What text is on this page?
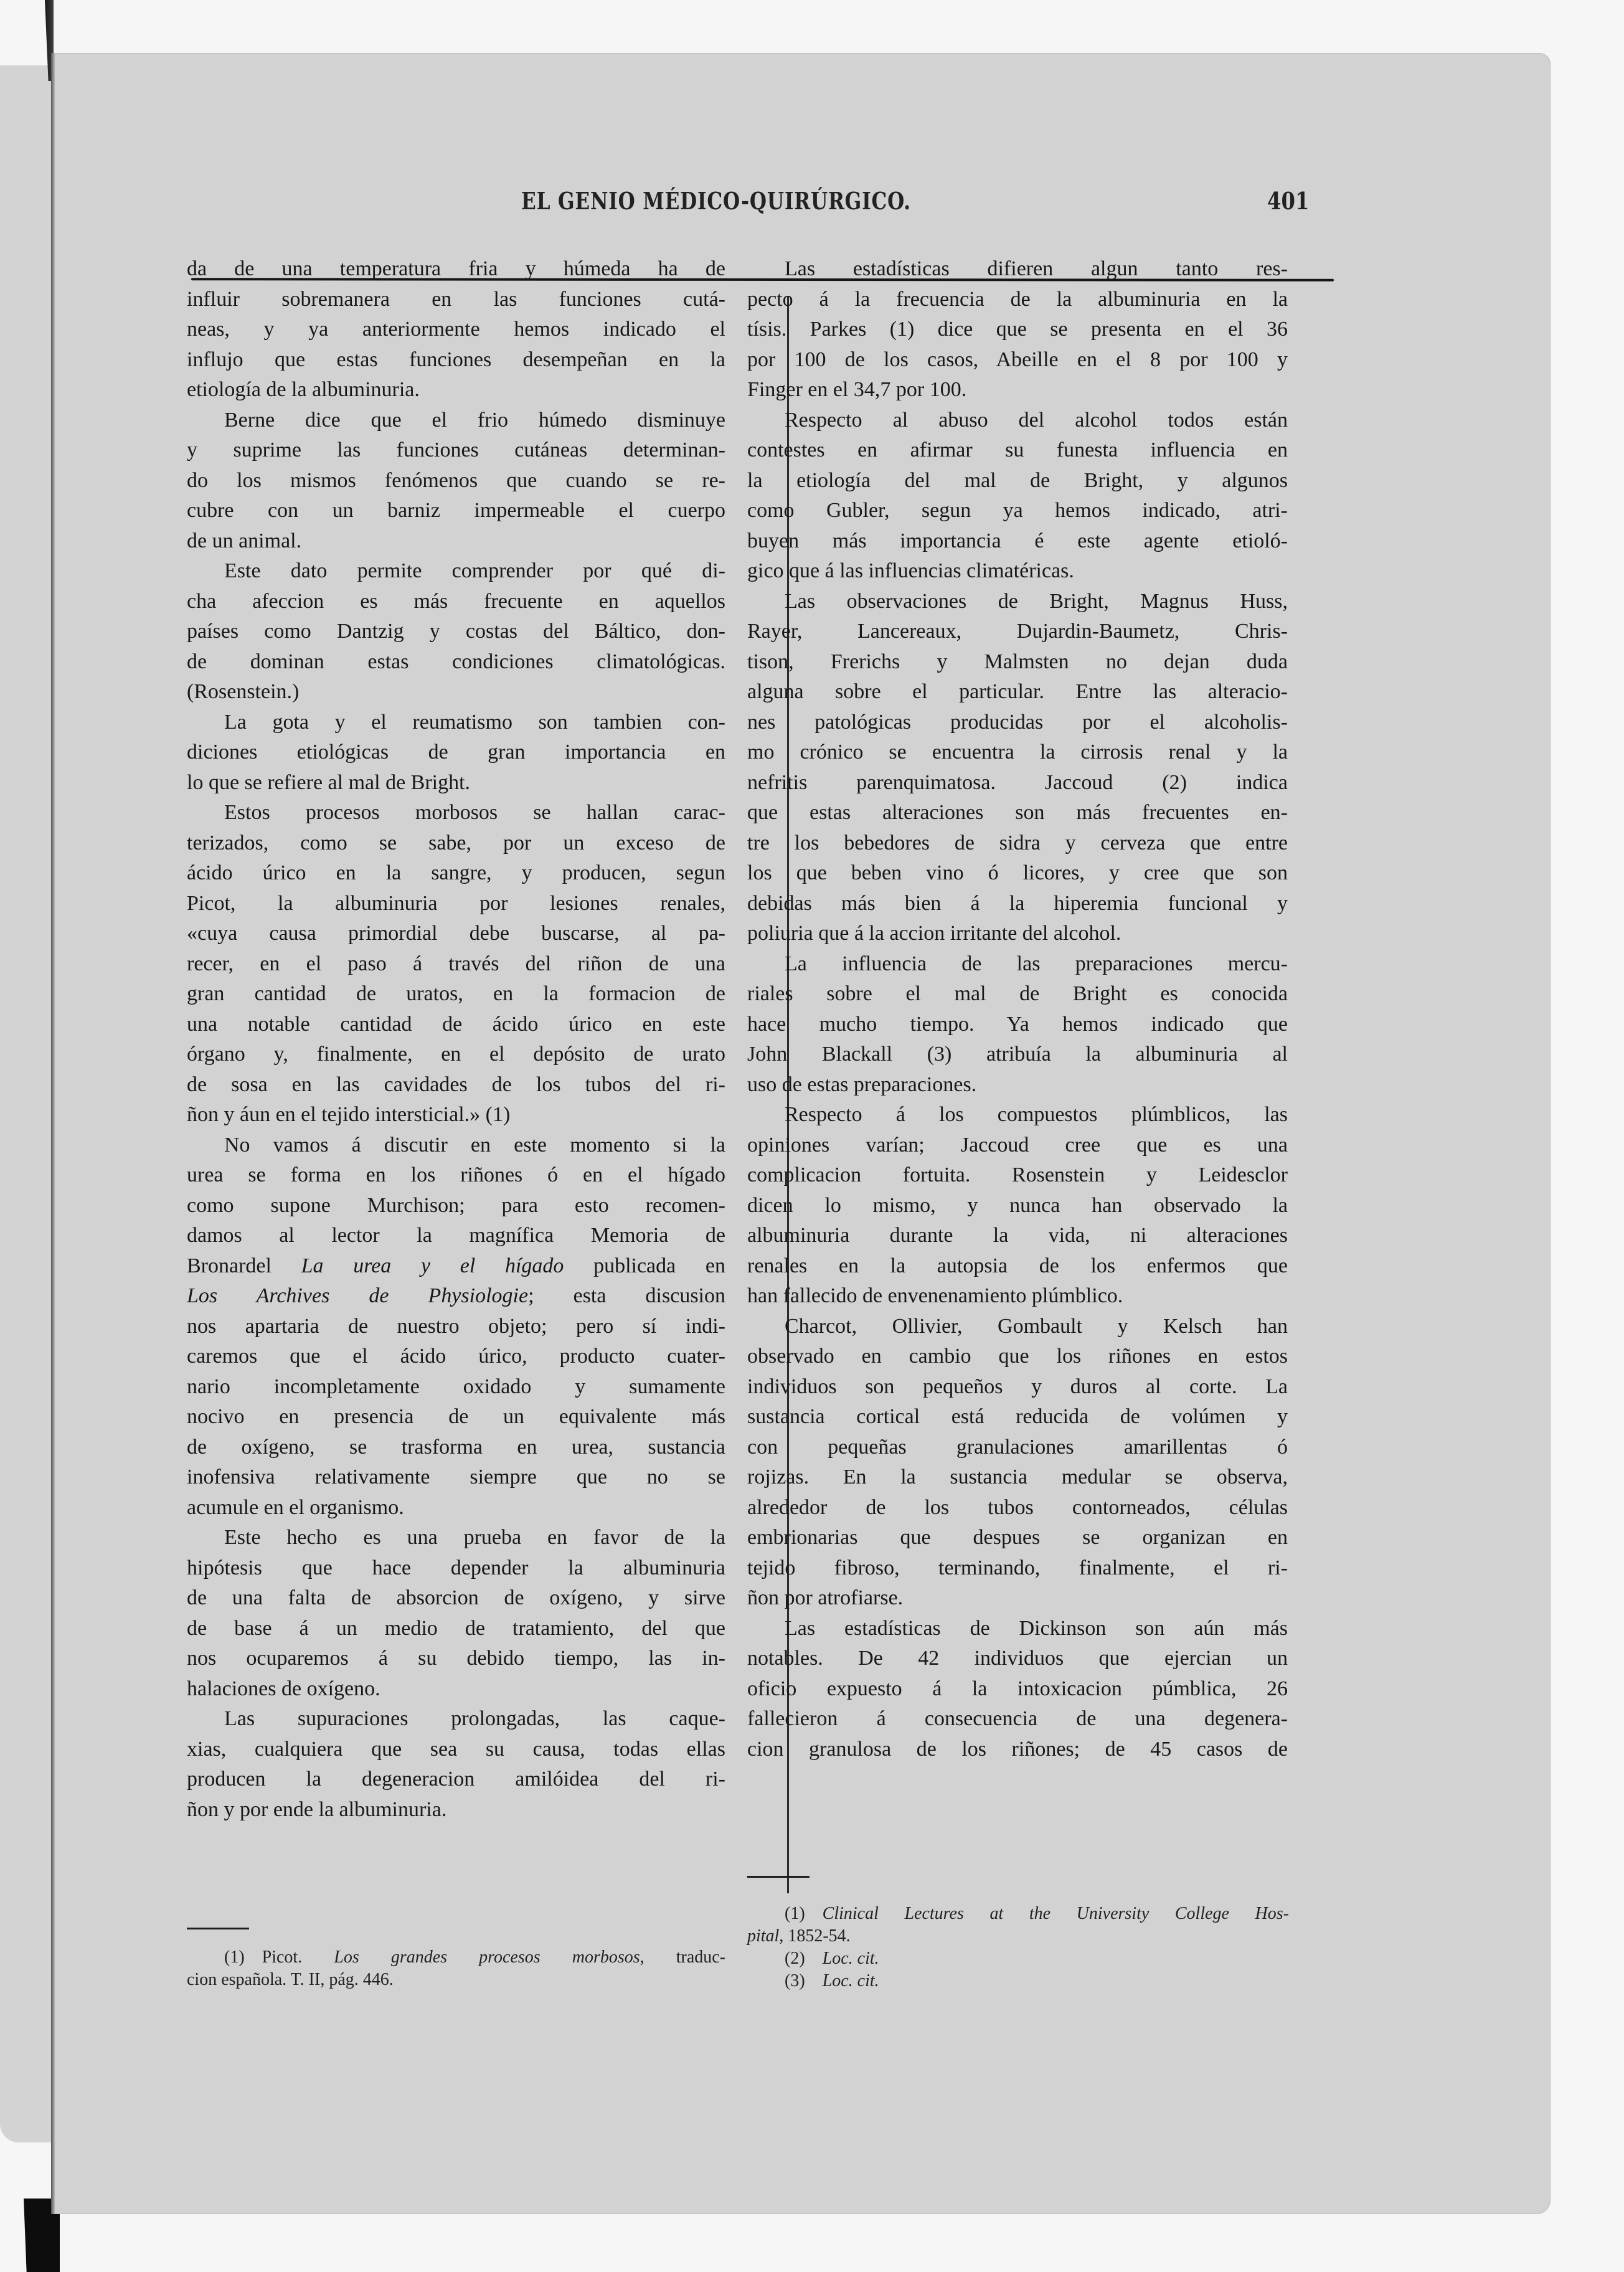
EL GENIO MÉDICO-QUIRÚRGICO.	401
da de una temperatura fria y húmeda ha de
influir sobremanera en las funciones cutá-
neas, y ya anteriormente hemos indicado el
influjo que estas funciones desempeñan en la
etiología de la albuminuria.
Berne dice que el frio húmedo disminuye
y suprime las funciones cutáneas determinan-
do los mismos fenómenos que cuando se re-
cubre con un barniz impermeable el cuerpo
de un animal.
Este dato permite comprender por qué di-
cha afeccion es más frecuente en aquellos
países como Dantzig y costas del Báltico, don-
de dominan estas condiciones climatológicas.
(Rosenstein.)
La gota y el reumatismo son tambien con-
diciones etiológicas de gran importancia en
lo que se refiere al mal de Bright.
Estos procesos morbosos se hallan carac-
terizados, como se sabe, por un exceso de
ácido úrico en la sangre, y producen, segun
Picot, la albuminuria por lesiones renales,
«cuya causa primordial debe buscarse, al pa-
recer, en el paso á través del riñon de una
gran cantidad de uratos, en la formacion de
una notable cantidad de ácido úrico en este
órgano y, finalmente, en el depósito de urato
de sosa en las cavidades de los tubos del ri-
ñon y áun en el tejido intersticial.» (1)
No vamos á discutir en este momento si la
urea se forma en los riñones ó en el hígado
como supone Murchison; para esto recomen-
damos al lector la magnífica Memoria de
Bronardel La urea y el hígado publicada en
Los Archives de Physiologie; esta discusion
nos apartaria de nuestro objeto; pero sí indi-
caremos que el ácido úrico, producto cuater-
nario incompletamente oxidado y sumamente
nocivo en presencia de un equivalente más
de oxígeno, se trasforma en urea, sustancia
inofensiva relativamente siempre que no se
acumule en el organismo.
Este hecho es una prueba en favor de la
hipótesis que hace depender la albuminuria
de una falta de absorcion de oxígeno, y sirve
de base á un medio de tratamiento, del que
nos ocuparemos á su debido tiempo, las in-
halaciones de oxígeno.
Las supuraciones prolongadas, las caque-
xias, cualquiera que sea su causa, todas ellas
producen la degeneracion amilóidea del ri-
ñon y por ende la albuminuria.
Las estadísticas difieren algun tanto res-
pecto á la frecuencia de la albuminuria en la
tísis. Parkes (1) dice que se presenta en el 36
por 100 de los casos, Abeille en el 8 por 100 y
Finger en el 34,7 por 100.
Respecto al abuso del alcohol todos están
contestes en afirmar su funesta influencia en
la etiología del mal de Bright, y algunos
como Gubler, segun ya hemos indicado, atri-
buyen más importancia é este agente etioló-
gico que á las influencias climatéricas.
Las observaciones de Bright, Magnus Huss,
Rayer, Lancereaux, Dujardin-Baumetz, Chris-
tison, Frerichs y Malmsten no dejan duda
alguna sobre el particular. Entre las alteracio-
nes patológicas producidas por el alcoholis-
mo crónico se encuentra la cirrosis renal y la
nefritis parenquimatosa. Jaccoud (2) indica
que estas alteraciones son más frecuentes en-
tre los bebedores de sidra y cerveza que entre
los que beben vino ó licores, y cree que son
debidas más bien á la hiperemia funcional y
poliuria que á la accion irritante del alcohol.
La influencia de las preparaciones mercu-
riales sobre el mal de Bright es conocida
hace mucho tiempo. Ya hemos indicado que
John Blackall (3) atribuía la albuminuria al
uso de estas preparaciones.
Respecto á los compuestos plúmblicos, las
opiniones varían; Jaccoud cree que es una
complicacion fortuita. Rosenstein y Leidesclor
dicen lo mismo, y nunca han observado la
albuminuria durante la vida, ni alteraciones
renales en la autopsia de los enfermos que
han fallecido de envenenamiento plúmblico.
Charcot, Ollivier, Gombault y Kelsch han
observado en cambio que los riñones en estos
individuos son pequeños y duros al corte. La
sustancia cortical está reducida de volúmen y
con pequeñas granulaciones amarillentas ó
rojizas. En la sustancia medular se observa,
alrededor de los tubos contorneados, células
embrionarias que despues se organizan en
tejido fibroso, terminando, finalmente, el ri-
ñon por atrofiarse.
Las estadísticas de Dickinson son aún más
notables. De 42 individuos que ejercian un
oficio expuesto á la intoxicacion púmblica, 26
fallecieron á consecuencia de una degenera-
cion granulosa de los riñones; de 45 casos de
(1) Picot. Los grandes procesos morbosos, traduc-
cion española. T. II, pág. 446.
(1) Clinical Lectures at the University College Hos-
pital, 1852-54.
(2) Loc. cit.
(3) Loc. cit.
